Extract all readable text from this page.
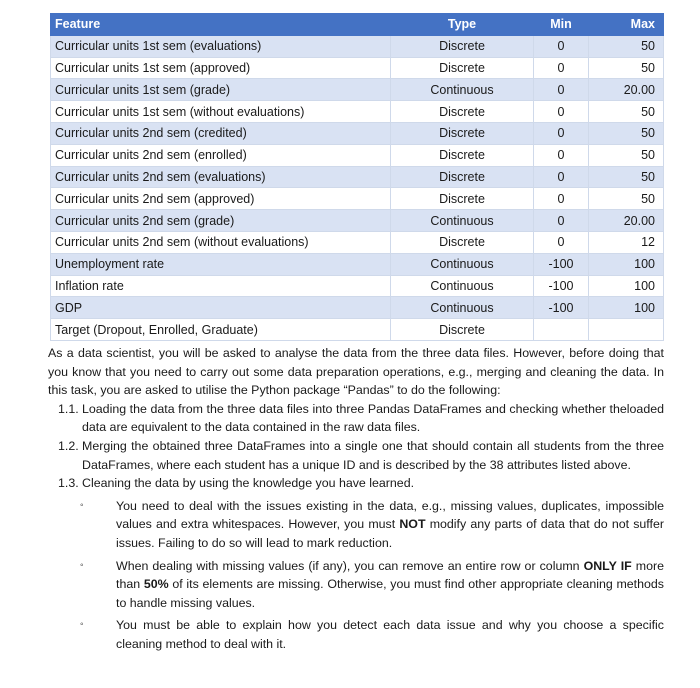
Feature	Type	Min	Max
Curricular units 1st sem (evaluations)	Discrete	0	50
Curricular units 1st sem (approved)	Discrete	0	50
Curricular units 1st sem (grade)	Continuous	0	20.00
Curricular units 1st sem (without evaluations)	Discrete	0	50
Curricular units 2nd sem (credited)	Discrete	0	50
Curricular units 2nd sem (enrolled)	Discrete	0	50
Curricular units 2nd sem (evaluations)	Discrete	0	50
Curricular units 2nd sem (approved)	Discrete	0	50
Curricular units 2nd sem (grade)	Continuous	0	20.00
Curricular units 2nd sem (without evaluations)	Discrete	0	12
Unemployment rate	Continuous	-100	100
Inflation rate	Continuous	-100	100
GDP	Continuous	-100	100
Target (Dropout, Enrolled, Graduate)	Discrete		

As a data scientist, you will be asked to analyse the data from the three data files. However, before doing that you know that you need to carry out some data preparation operations, e.g., merging and cleaning the data. In this task, you are asked to utilise the Python package “Pandas” to do the following:

1.1. Loading the data from the three data files into three Pandas DataFrames and checking whether theloaded data are equivalent to the data contained in the raw data files.
1.2. Merging the obtained three DataFrames into a single one that should contain all students from the three DataFrames, where each student has a unique ID and is described by the 38 attributes listed above.
1.3. Cleaning the data by using the knowledge you have learned.
◦	You need to deal with the issues existing in the data, e.g., missing values, duplicates, impossible values and extra whitespaces. However, you must NOT modify any parts of data that do not suffer issues. Failing to do so will lead to mark reduction.
◦	When dealing with missing values (if any), you can remove an entire row or column ONLY IF more than 50% of its elements are missing. Otherwise, you must find other appropriate cleaning methods to handle missing values.
◦	You must be able to explain how you detect each data issue and why you choose a specific cleaning method to deal with it.
